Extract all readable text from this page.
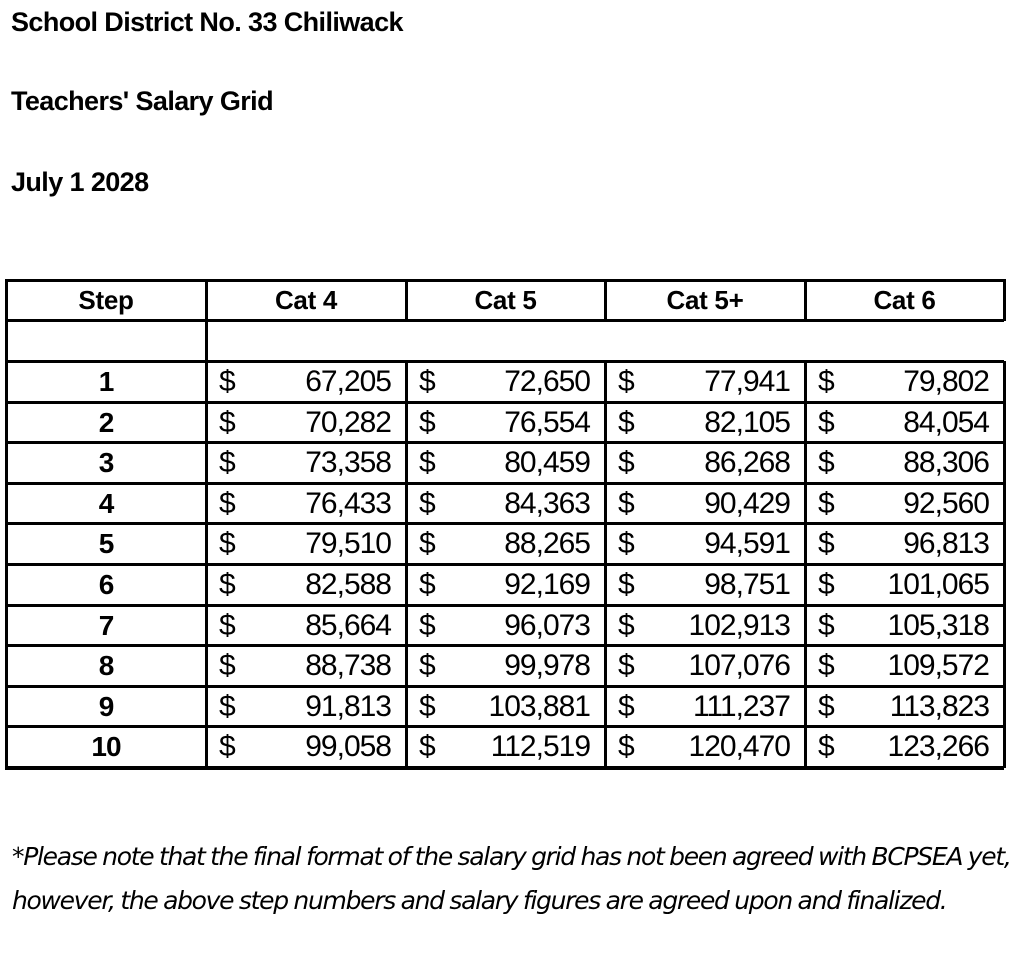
School District No. 33 Chiliwack
Teachers' Salary Grid
July 1 2028
Step	Cat 4	Cat 5	Cat 5+	Cat 6
1	$	67,205 $	72,650 $	77,941 $	79,802
2	$	70,282 $	76,554 $	82,105 $	84,054
3	$	73,358 $	80,459 $	86,268 $	88,306
4	$	76,433 $	84,363 $	90,429 $	92,560
5	$	79,510 $	88,265 $	94,591 $	96,813
6	$	82,588 $	92,169 $	98,751 $	101,065
7	$	85,664 $	96,073 $	102,913 $	105,318
8	$	88,738 $	99,978 $	107,076 $	109,572
9	$	91,813 $	103,881 $	111,237 $	113,823
10	$	99,058 $	112,519 $	120,470 $	123,266
*Please note that the final format of the salary grid has not been agreed with BCPSEA yet, however, the above step numbers and salary figures are agreed upon and finalized.
